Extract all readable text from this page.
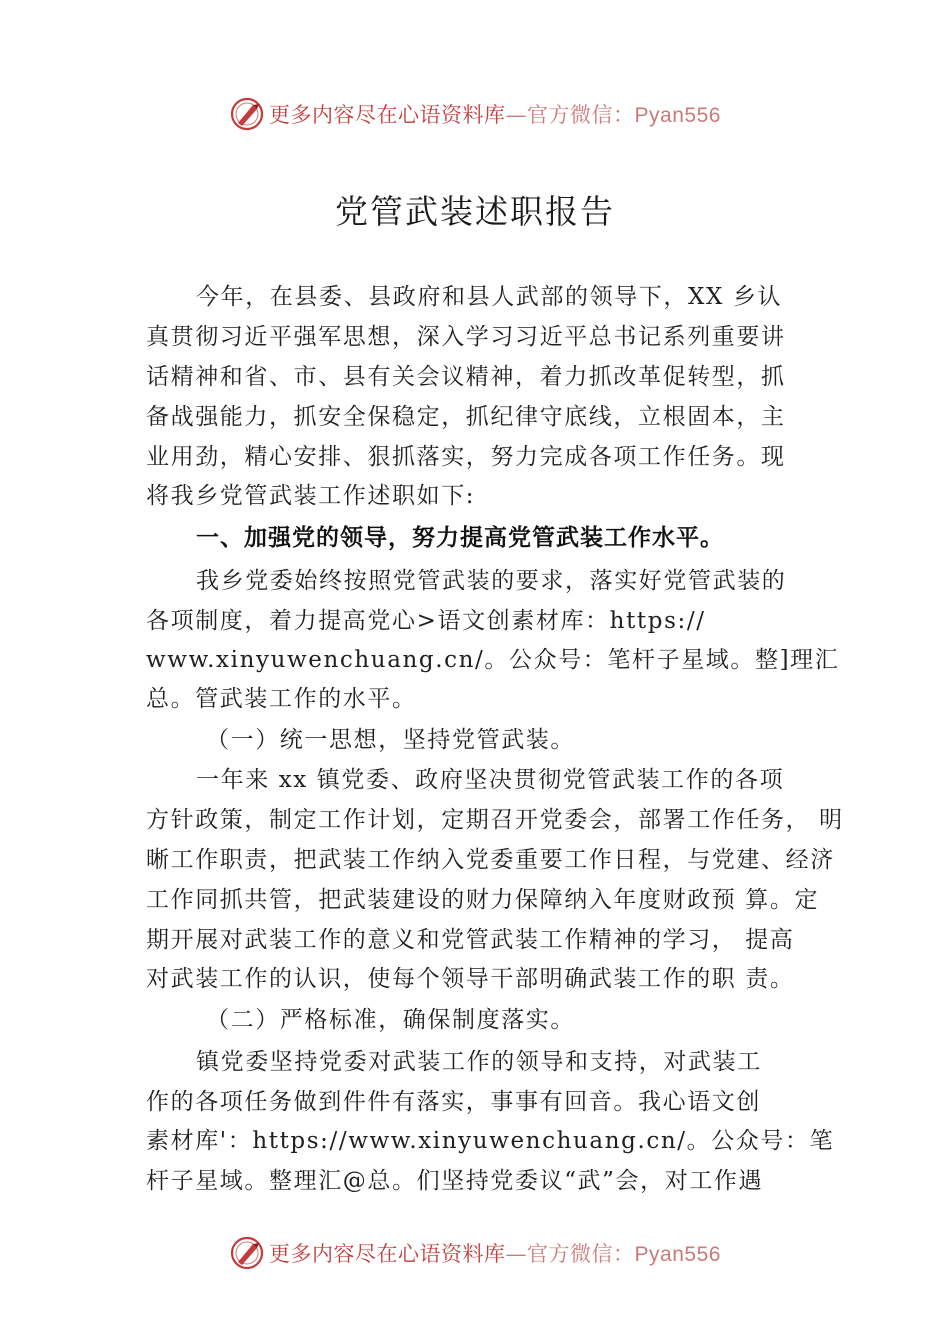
更多内容尽在心语资料库—官方微信：Pyan556
党管武装述职报告
今年，在县委、县政府和县人武部的领导下，XX 乡认
真贯彻习近平强军思想，深入学习习近平总书记系列重要讲
话精神和省、市、县有关会议精神，着力抓改革促转型，抓
备战强能力，抓安全保稳定，抓纪律守底线，立根固本，主
业用劲，精心安排、狠抓落实，努力完成各项工作任务。现
将我乡党管武装工作述职如下:
一、加强党的领导，努力提高党管武装工作水平。
我乡党委始终按照党管武装的要求，落实好党管武装的
各项制度，着力提高党心>语文创素材库：https://
www.xinyuwenchuang.cn/。公众号：笔杆子星域。整]理汇
总。管武装工作的水平。
（一）统一思想，坚持党管武装。
一年来 xx 镇党委、政府坚决贯彻党管武装工作的各项
方针政策，制定工作计划，定期召开党委会，部署工作任务， 明
晰工作职责，把武装工作纳入党委重要工作日程，与党建、经济
工作同抓共管，把武装建设的财力保障纳入年度财政预 算。定
期开展对武装工作的意义和党管武装工作精神的学习， 提高
对武装工作的认识，使每个领导干部明确武装工作的职 责。
（二）严格标准，确保制度落实。
镇党委坚持党委对武装工作的领导和支持，对武装工
作的各项任务做到件件有落实，事事有回音。我心语文创
素材库'：https://www.xinyuwenchuang.cn/。公众号：笔
杆子星域。整理汇@总。们坚持党委议“武”会，对工作遇
更多内容尽在心语资料库—官方微信：Pyan556
